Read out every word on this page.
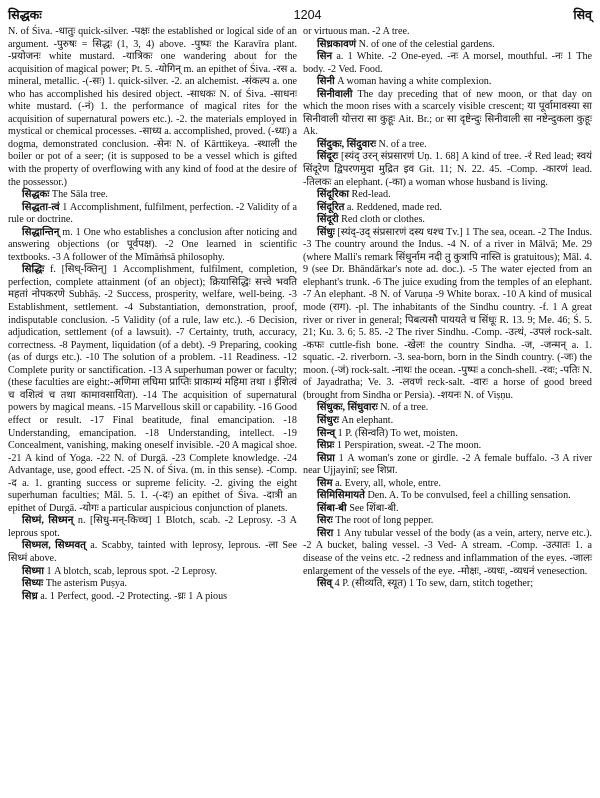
सिद्धकः	1204	सिव्

N. of Śiva. -धातुः quick-silver. -पक्षः the established or logical side of an argument. -पुरुषः = सिद्धः (1, 3, 4) above. -पुष्पः the Karavīra plant. -प्रयोजनः white mustard. -यात्रिकः one wandering about for the acquisition of magical power; Pt. 5. -योगिन् m. an epithet of Śiva. -रस a. mineral, metallic. -(-सः) 1. quick-silver. -2. an alchemist. -संकल्प a. one who has accomplished his desired object. -साधकः N. of Śiva. -साधनः white mustard. (-नं) 1. the performance of magical rites for the acquisition of supernatural powers etc.). -2. the materials employed in mystical or chemical processes. -साध्य a. accomplished, proved. (-ध्यः) a dogma, demonstrated conclusion. -सेनः N. of Kārttikeya. -स्थाली the boiler or pot of a seer; (it is supposed to be a vessel which is gifted with the property of overflowing with any kind of food at the desire of the possessor.)

सिद्धकः The Sāla tree.

सिद्धता-त्वं 1 Accomplishment, fulfilment, perfection. -2 Validity of a rule or doctrine.

सिद्धान्तिन् m. 1 One who establishes a conclusion after noticing and answering objections (or पूर्वपक्ष). -2 One learned in scientific textbooks. -3 A follower of the Mīmāṁsā philosophy.

सिद्धिः f. [सिध्-क्तिन्] 1 Accomplishment, fulfilment, completion, perfection, complete attainment (of an object); क्रियासिद्धिः सत्त्वे भवति महतां नोपकरणे Subhāṣ. -2 Success, prosperity, welfare, well-being. -3 Establishment, settlement. -4 Substantiation, demonstration, proof, indisputable conclusion. -5 Validity (of a rule, law etc.). -6 Decision, adjudication, settlement (of a lawsuit). -7 Certainty, truth, accuracy, correctness. -8 Payment, liquidation (of a debt). -9 Preparing, cooking (as of durgs etc.). -10 The solution of a problem. -11 Readiness. -12 Complete purity or sanctification. -13 A superhuman power or faculty; (these faculties are eight:-अणिमा लघिमा प्राप्तिः प्राकाम्यं महिमा तथा । ईशित्वं च वशित्वं च तथा कामावसायिता). -14 The acquisition of supernatural powers by magical means. -15 Marvellous skill or capability. -16 Good effect or result. -17 Final beatitude, final emancipation. -18 Understanding, emancipation. -18 Understanding, intellect. -19 Concealment, vanishing, making oneself invisible. -20 A magical shoe. -21 A kind of Yoga. -22 N. of Durgā. -23 Complete knowledge. -24 Advantage, use, good effect. -25 N. of Śiva. (m. in this sense). -Comp. -द a. 1. granting success or supreme felicity. -2. giving the eight superhuman faculties; Māl. 5. 1. -(-दः) an epithet of Śiva. -दात्री an epithet of Durgā. -योगः a particular auspicious conjunction of planets.

सिध्मं, सिध्मन् n. [सिधु-मन्-किच्च] 1 Blotch, scab. -2 Leprosy. -3 A leprous spot.

सिध्मल, सिध्मवत् a. Scabby, tainted with leprosy, leprous. -ला See सिध्मं above.

सिध्मा 1 A blotch, scab, leprous spot. -2 Leprosy.

सिध्यः The asterism Puṣya.

सिध्र a. 1 Perfect, good. -2 Protecting. -ध्रः 1 A pious

or virtuous man. -2 A tree.

सिध्रकावणं N. of one of the celestial gardens.

सिन a. 1 White. -2 One-eyed. -नः A morsel, mouthful. -नः 1 The body. -2 Ved. Food.

सिनी A woman having a white complexion.

सिनीवाली The day preceding that of new moon, or that day on which the moon rises with a scarcely visible crescent; या पूर्वामावस्या सा सिनीवाली योत्तरा सा कुहूः Ait. Br.; or सा दृष्टेन्दुः सिनीवाली सा नष्टेन्दुकला कुहूः Ak.

सिंदुकः, सिंदुवारः N. of a tree.

सिंदूरः [स्यंद् उरन् संप्रसारणं Uṇ. 1. 68] A kind of tree. -रं Red lead; स्वयं सिंदूरेण द्विपरणमुदा मुद्रित इव Git. 11; N. 22. 45. -Comp. -कारणं lead. -तिलकः an elephant. (-का) a woman whose husband is living.

सिंदूरिका Red-lead.

सिंदूरित a. Reddened, made red.

सिंदूरी Red cloth or clothes.

सिंधुः [स्यंद्-उद् संप्रसारणं दस्य धश्च Tv.] 1 The sea, ocean. -2 The Indus. -3 The country around the Indus. -4 N. of a river in Mālvā; Me. 29 (where Malli's remark सिंधुर्नाम नदी तु कुत्रापि नास्ति is gratuitous); Māl. 4. 9 (see Dr. Bhāndārkar's note ad. doc.). -5 The water ejected from an elephant's trunk. -6 The juice exuding from the temples of an elephant. -7 An elephant. -8 N. of Varuṇa -9 White borax. -10 A kind of musical mode (राग). -pl. The inhabitants of the Sindhu country. -f. 1 A great river or river in general; पिबत्यसौ पाययते च सिंधूः R. 13. 9; Me. 46; Ś. 5. 21; Ku. 3. 6; 5. 85. -2 The river Sindhu. -Comp. -उत्थं, -उपलं rock-salt. -कफः cuttle-fish bone. -खेलः the country Sindha. -ज, -जन्मन् a. 1. squatic. -2. riverborn. -3. sea-born, born in the Sindh country. (-जः) the moon. (-जं) rock-salt. -नाथः the ocean. -पुष्पः a conch-shell. -रवः; -पतिः N. of Jayadratha; Ve. 3. -लवणं reck-salt. -वारः a horse of good breed (brought from Sindha or Persia). -शयनः N. of Viṣṇu.

सिंधुकः, सिंधुवारः N. of a tree.

सिंधुरः An elephant.

सिन्व् 1 P. (सिन्वति) To wet, moisten.

सिप्रः 1 Perspiration, sweat. -2 The moon.

सिप्रा 1 A woman's zone or girdle. -2 A female buffalo. -3 A river near Ujjayinī; see शिप्रा.

सिम a. Every, all, whole, entre.

सिमिसिमायते Den. A. To be convulsed, feel a chilling sensation.

सिंबा-बी See शिंबा-बी.

सिरः The root of long pepper.

सिरा 1 Any tubular vessel of the body (as a vein, artery, nerve etc.). -2 A bucket, baling vessel. -3 Ved- A stream. -Comp. -उत्पातः 1. a disease of the veins etc. -2 redness and inflammation of the eyes. -जालः enlargement of the vessels of the eye. -मोक्षः, -व्यधः, -व्यधनं venesection.

सिव् 4 P. (सीव्यति, स्यूत) 1 To sew, darn, stitch together;
